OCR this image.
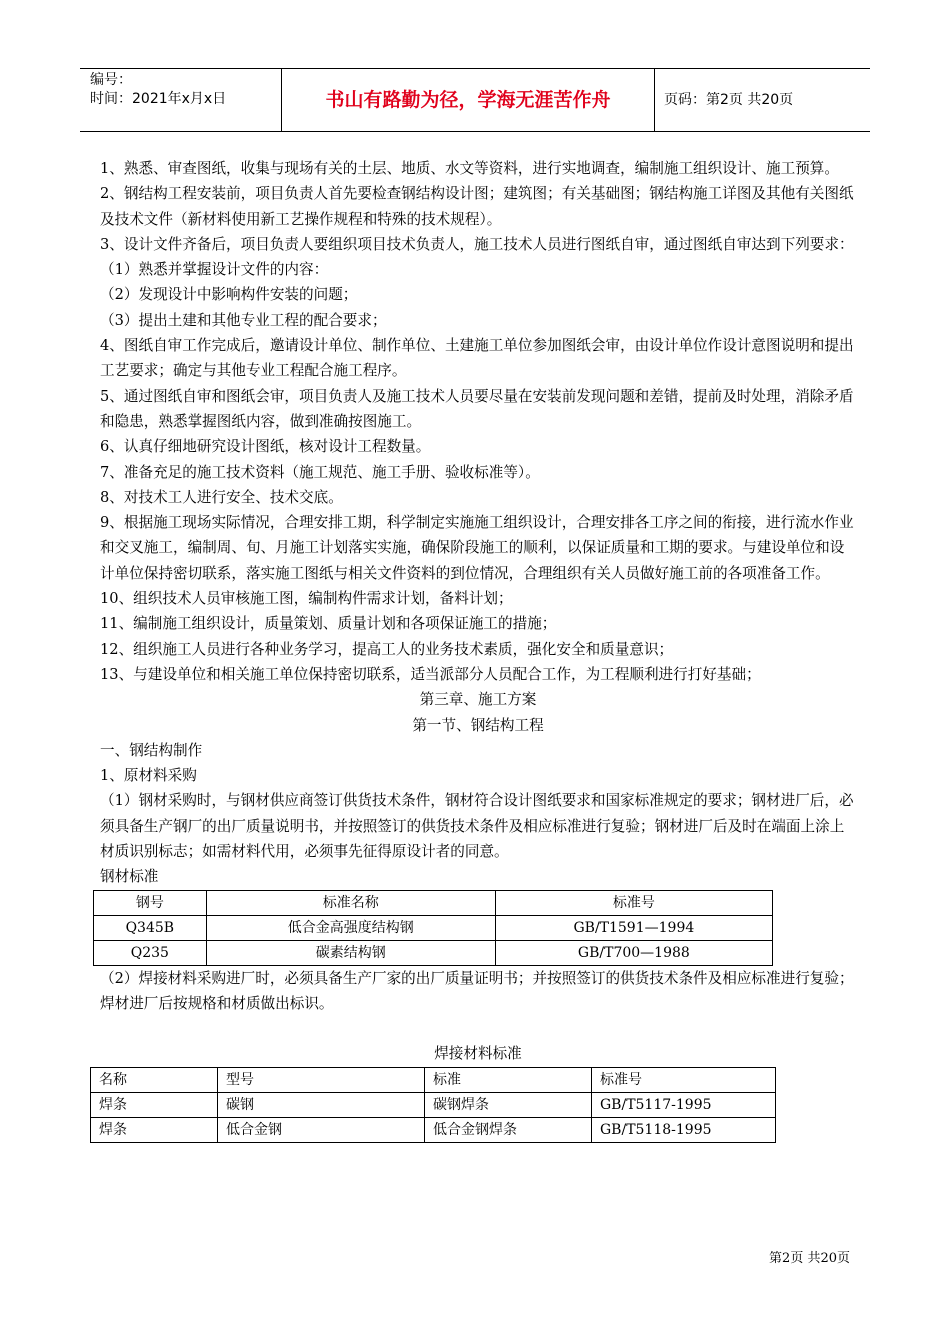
编号：
时间：2021年x月x日	书山有路勤为径，学海无涯苦作舟	页码：第2页 共20页

1、熟悉、审查图纸，收集与现场有关的土层、地质、水文等资料，进行实地调查，编制施工组织设计、施工预算。

2、钢结构工程安装前，项目负责人首先要检查钢结构设计图；建筑图；有关基础图；钢结构施工详图及其他有关图纸及技术文件（新材料使用新工艺操作规程和特殊的技术规程）。

3、设计文件齐备后，项目负责人要组织项目技术负责人，施工技术人员进行图纸自审，通过图纸自审达到下列要求：

（1）熟悉并掌握设计文件的内容：

（2）发现设计中影响构件安装的问题；

（3）提出土建和其他专业工程的配合要求；

4、图纸自审工作完成后，邀请设计单位、制作单位、土建施工单位参加图纸会审，由设计单位作设计意图说明和提出工艺要求；确定与其他专业工程配合施工程序。

5、通过图纸自审和图纸会审，项目负责人及施工技术人员要尽量在安装前发现问题和差错，提前及时处理，消除矛盾和隐患，熟悉掌握图纸内容，做到准确按图施工。

6、认真仔细地研究设计图纸，核对设计工程数量。

7、准备充足的施工技术资料（施工规范、施工手册、验收标准等）。

8、对技术工人进行安全、技术交底。

9、根据施工现场实际情况，合理安排工期，科学制定实施施工组织设计，合理安排各工序之间的衔接，进行流水作业和交叉施工，编制周、旬、月施工计划落实实施，确保阶段施工的顺利，以保证质量和工期的要求。与建设单位和设计单位保持密切联系，落实施工图纸与相关文件资料的到位情况，合理组织有关人员做好施工前的各项准备工作。

10、组织技术人员审核施工图，编制构件需求计划，备料计划；

11、编制施工组织设计，质量策划、质量计划和各项保证施工的措施；

12、组织施工人员进行各种业务学习，提高工人的业务技术素质，强化安全和质量意识；

13、与建设单位和相关施工单位保持密切联系，适当派部分人员配合工作，为工程顺利进行打好基础；

第三章、施工方案

第一节、钢结构工程

一、钢结构制作

1、原材料采购

（1）钢材采购时，与钢材供应商签订供货技术条件，钢材符合设计图纸要求和国家标准规定的要求；钢材进厂后，必须具备生产钢厂的出厂质量说明书，并按照签订的供货技术条件及相应标准进行复验；钢材进厂后及时在端面上涂上材质识别标志；如需材料代用，必须事先征得原设计者的同意。

钢材标准

钢号	标准名称	标准号
Q345B	低合金高强度结构钢	GB/T1591—1994
Q235	碳素结构钢	GB/T700—1988

（2）焊接材料采购进厂时，必须具备生产厂家的出厂质量证明书；并按照签订的供货技术条件及相应标准进行复验；焊材进厂后按规格和材质做出标识。

焊接材料标准

名称	型号	标准	标准号
焊条	碳钢	碳钢焊条	GB/T5117-1995
焊条	低合金钢	低合金钢焊条	GB/T5118-1995
第2页 共20页
